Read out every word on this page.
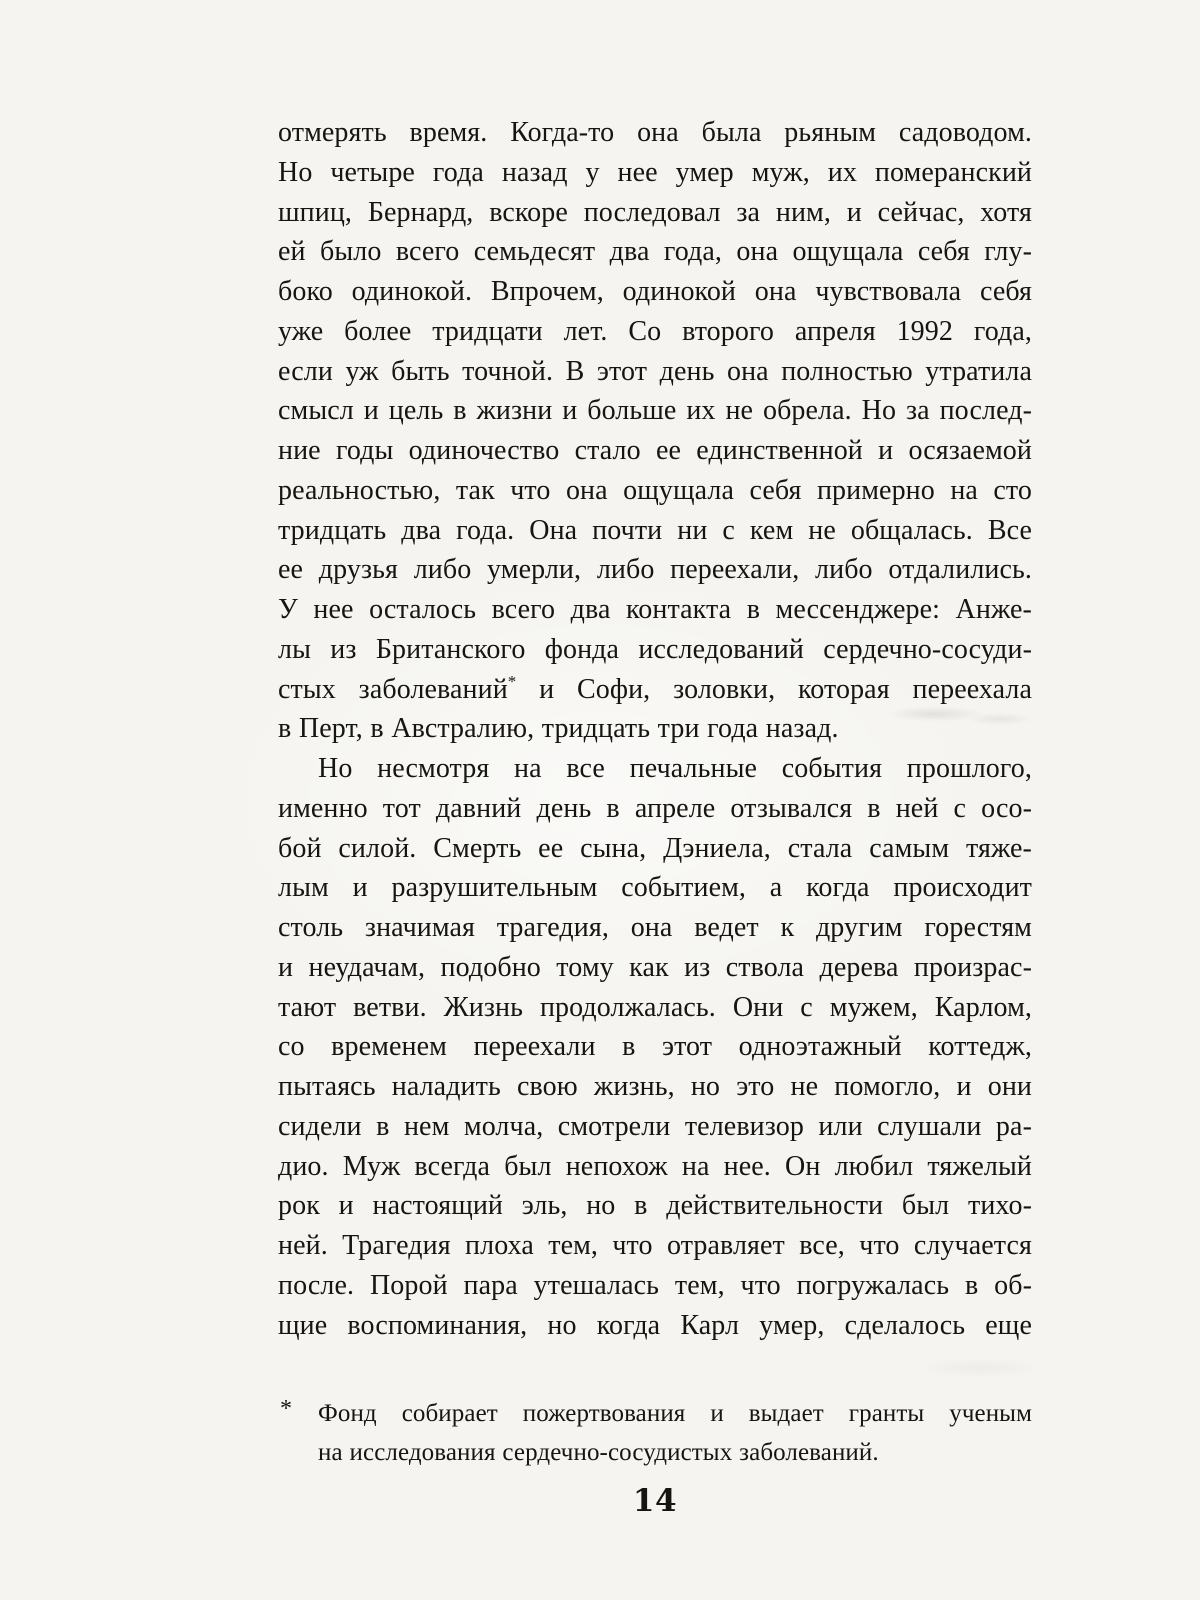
отмерять время. Когда-то она была рьяным садоводом.
Но четыре года назад у нее умер муж, их померанский
шпиц, Бернард, вскоре последовал за ним, и сейчас, хотя
ей было всего семьдесят два года, она ощущала себя глу-
боко одинокой. Впрочем, одинокой она чувствовала себя
уже более тридцати лет. Со второго апреля 1992 года,
если уж быть точной. В этот день она полностью утратила
смысл и цель в жизни и больше их не обрела. Но за послед-
ние годы одиночество стало ее единственной и осязаемой
реальностью, так что она ощущала себя примерно на сто
тридцать два года. Она почти ни с кем не общалась. Все
ее друзья либо умерли, либо переехали, либо отдалились.
У нее осталось всего два контакта в мессенджере: Анже-
лы из Британского фонда исследований сердечно-сосуди-
стых заболеваний* и Софи, золовки, которая переехала
в Перт, в Австралию, тридцать три года назад.
Но несмотря на все печальные события прошлого,
именно тот давний день в апреле отзывался в ней с осо-
бой силой. Смерть ее сына, Дэниела, стала самым тяже-
лым и разрушительным событием, а когда происходит
столь значимая трагедия, она ведет к другим горестям
и неудачам, подобно тому как из ствола дерева произрас-
тают ветви. Жизнь продолжалась. Они с мужем, Карлом,
со временем переехали в этот одноэтажный коттедж,
пытаясь наладить свою жизнь, но это не помогло, и они
сидели в нем молча, смотрели телевизор или слушали ра-
дио. Муж всегда был непохож на нее. Он любил тяжелый
рок и настоящий эль, но в действительности был тихо-
ней. Трагедия плоха тем, что отравляет все, что случается
после. Порой пара утешалась тем, что погружалась в об-
щие воспоминания, но когда Карл умер, сделалось еще
* Фонд собирает пожертвования и выдает гранты ученым
на исследования сердечно-сосудистых заболеваний.
14
